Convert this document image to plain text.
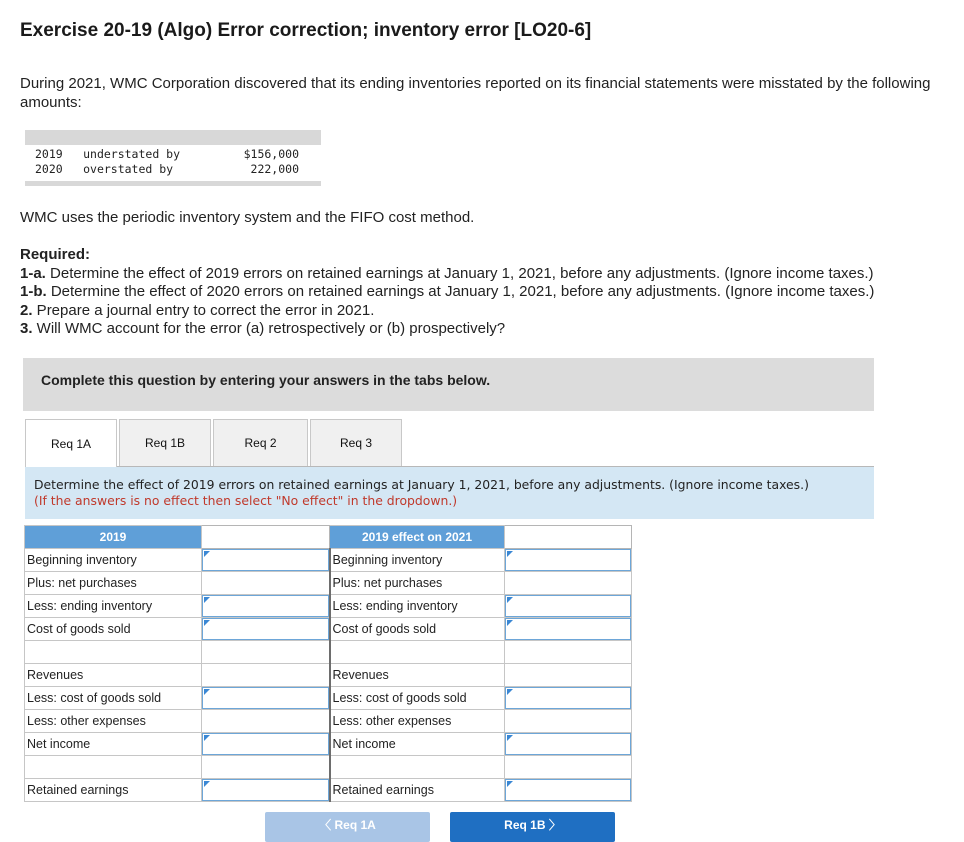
Exercise 20-19 (Algo) Error correction; inventory error [LO20-6]

During 2021, WMC Corporation discovered that its ending inventories reported on its financial statements were misstated by the following amounts:

2019	understated by	$156,000
2020	overstated by	222,000

WMC uses the periodic inventory system and the FIFO cost method.

Required:
1-a. Determine the effect of 2019 errors on retained earnings at January 1, 2021, before any adjustments. (Ignore income taxes.)
1-b. Determine the effect of 2020 errors on retained earnings at January 1, 2021, before any adjustments. (Ignore income taxes.)
2. Prepare a journal entry to correct the error in 2021.
3. Will WMC account for the error (a) retrospectively or (b) prospectively?
Complete this question by entering your answers in the tabs below.
Req 1A	Req 1B	Req 2	Req 3
Determine the effect of 2019 errors on retained earnings at January 1, 2021, before any adjustments. (Ignore income taxes.)
(If the answers is no effect then select "No effect" in the dropdown.)
2019		2019 effect on 2021	
Beginning inventory		Beginning inventory	
Plus: net purchases		Plus: net purchases	
Less: ending inventory		Less: ending inventory	
Cost of goods sold		Cost of goods sold	

Revenues		Revenues	
Less: cost of goods sold		Less: cost of goods sold	
Less: other expenses		Less: other expenses	
Net income		Net income	

Retained earnings		Retained earnings	
〈 Req 1A	Req 1B 〉
